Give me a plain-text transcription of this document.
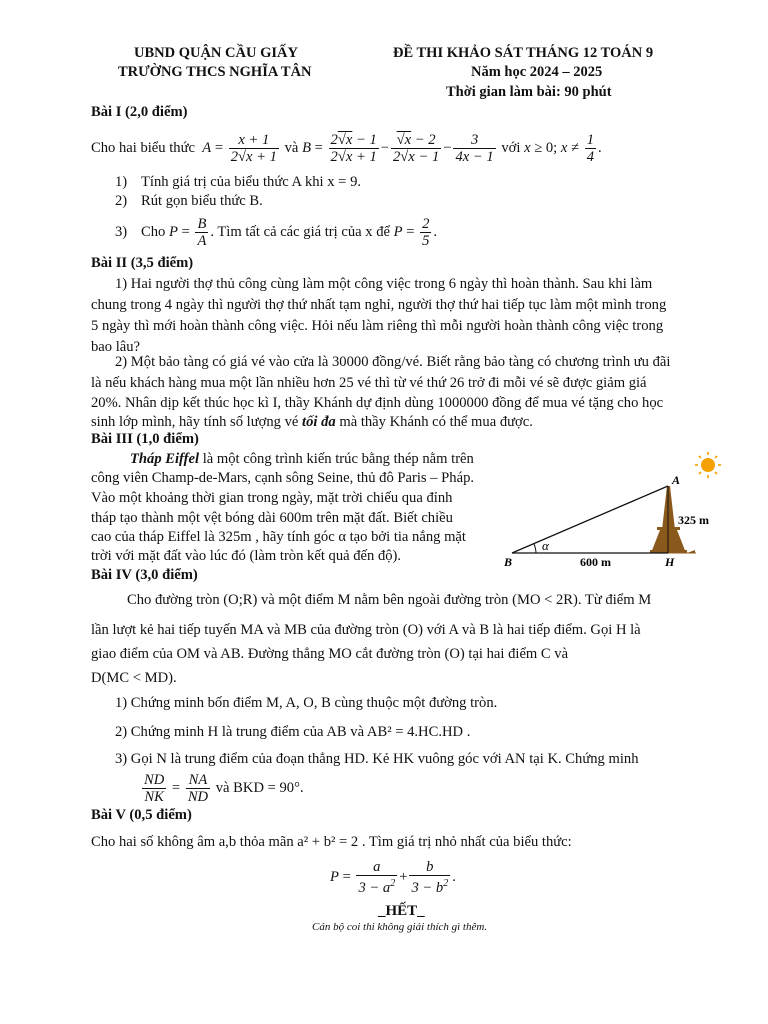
UBND QUẬN CẦU GIẤY
TRƯỜNG THCS NGHĨA TÂN
ĐỀ THI KHẢO SÁT THÁNG 12 TOÁN 9
Năm học 2024 – 2025
Thời gian làm bài: 90 phút
Bài I (2,0 điểm)
Cho hai biểu thức
$A = \frac{x + 1}{2√x + 1}$
và
$B = \frac{2√x - 1}{2√x + 1} - \frac{√x - 2}{2√x - 1} - \frac{3}{4x - 1}$
với
x ≥ 0; $x \ne \frac{1}{4}$ .
1) Tính giá trị của biểu thức A khi x = 9.
2) Rút gọn biểu thức B.
3) Cho
$P = \frac{B}{A}$ . Tìm tất cả các giá trị của x để
$P = \frac{2}{5}$ .
Bài II (3,5 điểm)
1) Hai người thợ thủ công cùng làm một công việc trong 6 ngày thì hoàn thành. Sau khi làm
chung trong 4 ngày thì người thợ thứ nhất tạm nghỉ, người thợ thứ hai tiếp tục làm một mình trong
5 ngày thì mới hoàn thành công việc. Hỏi nếu làm riêng thì mỗi người hoàn thành công việc trong
bao lâu?
2) Một bảo tàng có giá vé vào cửa là 30000 đồng/vé. Biết rằng bảo tàng có chương trình ưu đãi
là nếu khách hàng mua một lần nhiều hơn 25 vé thì từ vé thứ 26 trở đi mỗi vé sẽ được giảm giá
20%. Nhân dịp kết thúc học kì I, thầy Khánh dự định dùng 1000000 đồng để mua vé tặng cho học
sinh lớp mình, hãy tính số lượng vé tối đa mà thầy Khánh có thể mua được.
Bài III (1,0 điểm)
Tháp Eiffel là một công trình kiến trúc bằng thép nằm trên
công viên Champ-de-Mars, cạnh sông Seine, thủ đô Paris – Pháp.
Vào một khoảng thời gian trong ngày, mặt trời chiếu qua đỉnh
tháp tạo thành một vệt bóng dài 600m trên mặt đất. Biết chiều
cao của tháp Eiffel là 325m , hãy tính góc α tạo bởi tia nắng mặt
trời với mặt đất vào lúc đó (làm tròn kết quả đến độ).
A
B	H
325 m
600 m
α
Bài IV (3,0 điểm)
Cho đường tròn (O;R) và một điểm M nằm bên ngoài đường tròn (MO < 2R). Từ điểm M
lần lượt kẻ hai tiếp tuyến MA và MB của đường tròn (O) với A và B là hai tiếp điểm. Gọi H là
giao điểm của OM và AB. Đường thẳng MO cắt đường tròn (O) tại hai điểm C và
D(MC < MD).
1) Chứng minh bốn điểm M, A, O, B cùng thuộc một đường tròn.
2) Chứng minh H là trung điểm của AB và AB² = 4.HC.HD .
3) Gọi N là trung điểm của đoạn thẳng HD. Kẻ HK vuông góc với AN tại K. Chứng minh
$\frac{ND}{NK} = \frac{NA}{ND}$
và BKD = 90°.
Bài V (0,5 điểm)
Cho hai số không âm a,b thỏa mãn a² + b² = 2 . Tìm giá trị nhỏ nhất của biểu thức:
$P = \frac{a}{3 - a^2} + \frac{b}{3 - b^2}$ .
_HẾT_
Cán bộ coi thi không giải thích gì thêm.
